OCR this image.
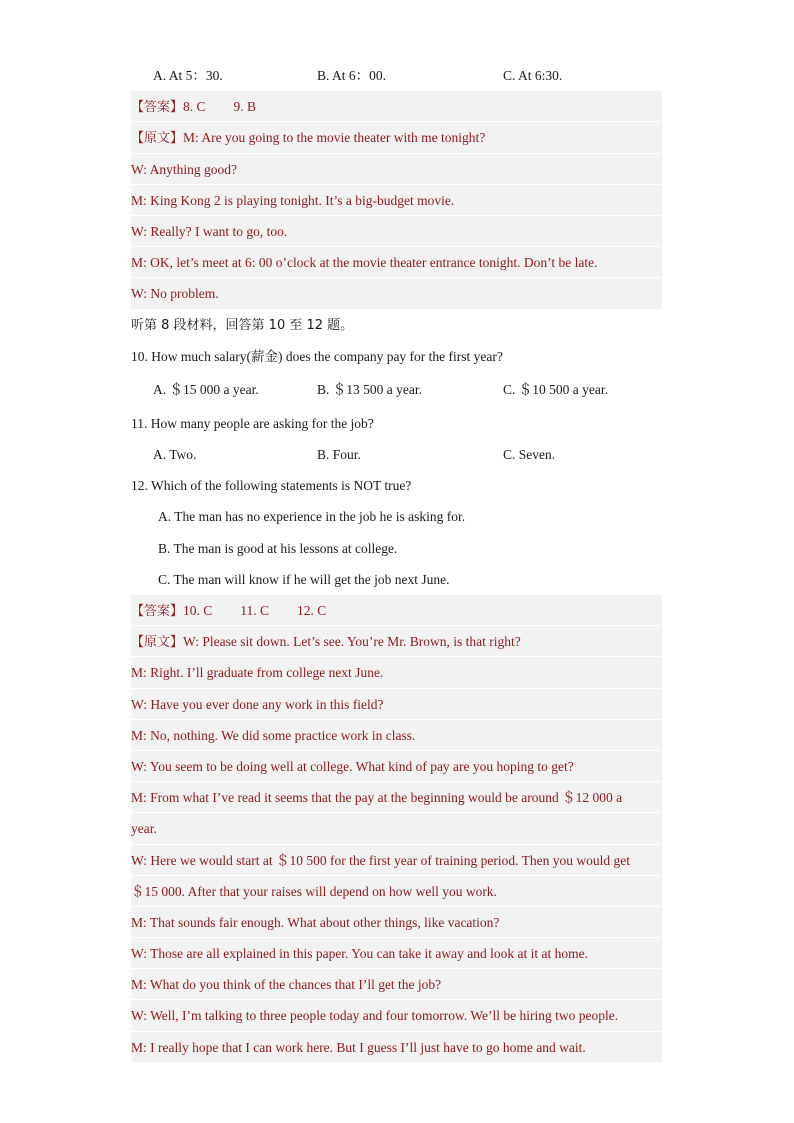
A. At 5：30.	B. At 6：00.	C. At 6:30.
【答案】8. C 9. B
【原文】M: Are you going to the movie theater with me tonight?
W: Anything good?
M: King Kong 2 is playing tonight. It’s a big-budget movie.
W: Really? I want to go, too.
M: OK, let’s meet at 6: 00 o’clock at the movie theater entrance tonight. Don’t be late.
W: No problem.
听第 8 段材料，回答第 10 至 12 题。
10. How much salary(薪金) does the company pay for the first year?
A. ＄15 000 a year.	B. ＄13 500 a year.	C. ＄10 500 a year.
11. How many people are asking for the job?
A. Two.	B. Four.	C. Seven.
12. Which of the following statements is NOT true?
A. The man has no experience in the job he is asking for.
B. The man is good at his lessons at college.
C. The man will know if he will get the job next June.
【答案】10. C 11. C 12. C
【原文】W: Please sit down. Let’s see. You’re Mr. Brown, is that right?
M: Right. I’ll graduate from college next June.
W: Have you ever done any work in this field?
M: No, nothing. We did some practice work in class.
W: You seem to be doing well at college. What kind of pay are you hoping to get?
M: From what I’ve read it seems that the pay at the beginning would be around ＄12 000 a
year.
W: Here we would start at ＄10 500 for the first year of training period. Then you would get
＄15 000. After that your raises will depend on how well you work.
M: That sounds fair enough. What about other things, like vacation?
W: Those are all explained in this paper. You can take it away and look at it at home.
M: What do you think of the chances that I’ll get the job?
W: Well, I’m talking to three people today and four tomorrow. We’ll be hiring two people.
M: I really hope that I can work here. But I guess I’ll just have to go home and wait.
